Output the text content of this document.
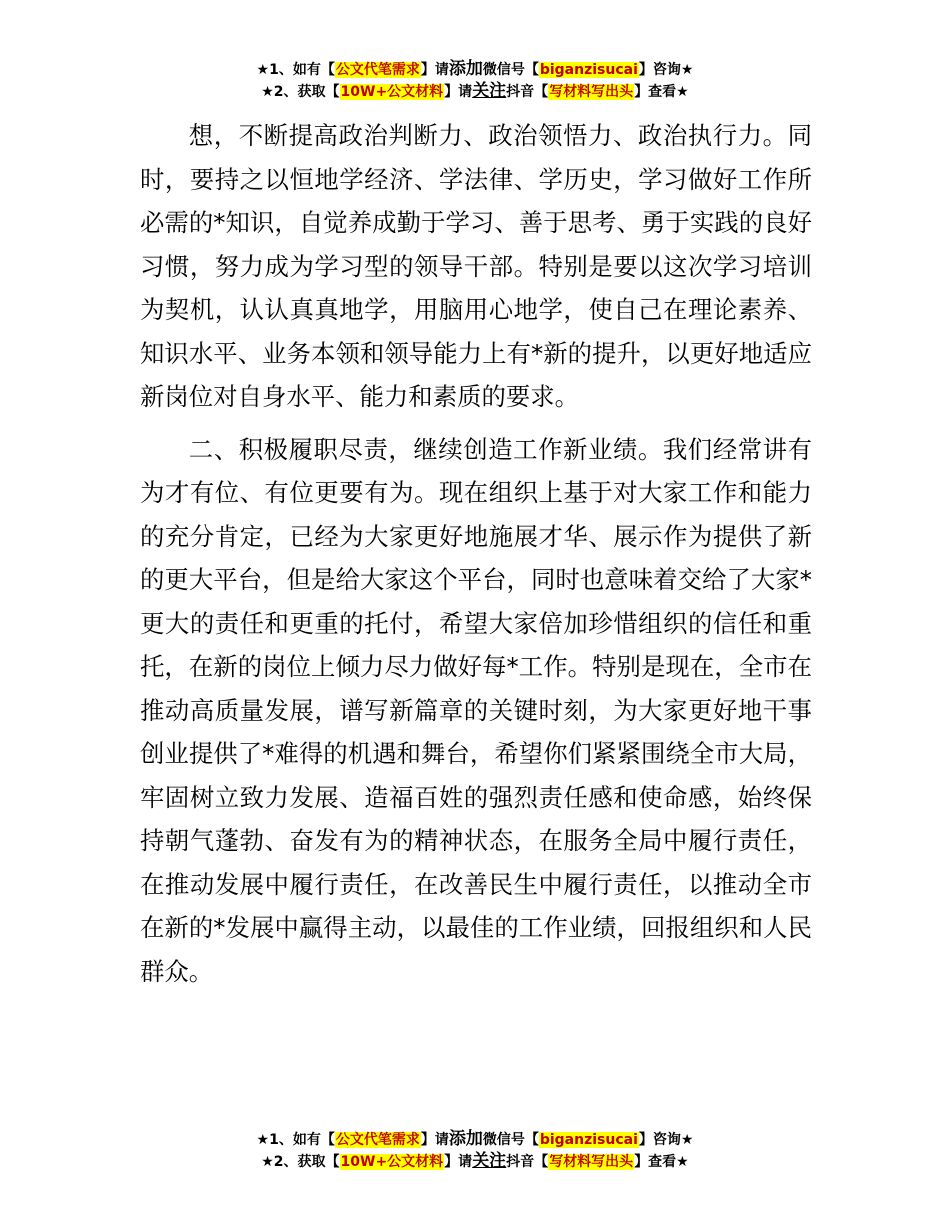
★1、如有【公文代笔需求】请添加微信号【biganzisucai】咨询★
★2、获取【10W+公文材料】请关注抖音【写材料写出头】查看★

想，不断提高政治判断力、政治领悟力、政治执行力。同时，要持之以恒地学经济、学法律、学历史，学习做好工作所必需的*知识，自觉养成勤于学习、善于思考、勇于实践的良好习惯，努力成为学习型的领导干部。特别是要以这次学习培训为契机，认认真真地学，用脑用心地学，使自己在理论素养、知识水平、业务本领和领导能力上有*新的提升，以更好地适应新岗位对自身水平、能力和素质的要求。

二、积极履职尽责，继续创造工作新业绩。我们经常讲有为才有位、有位更要有为。现在组织上基于对大家工作和能力的充分肯定，已经为大家更好地施展才华、展示作为提供了新的更大平台，但是给大家这个平台，同时也意味着交给了大家*更大的责任和更重的托付，希望大家倍加珍惜组织的信任和重托，在新的岗位上倾力尽力做好每*工作。特别是现在，全市在推动高质量发展，谱写新篇章的关键时刻，为大家更好地干事创业提供了*难得的机遇和舞台，希望你们紧紧围绕全市大局，牢固树立致力发展、造福百姓的强烈责任感和使命感，始终保持朝气蓬勃、奋发有为的精神状态，在服务全局中履行责任，在推动发展中履行责任，在改善民生中履行责任，以推动全市在新的*发展中赢得主动，以最佳的工作业绩，回报组织和人民群众。

★1、如有【公文代笔需求】请添加微信号【biganzisucai】咨询★
★2、获取【10W+公文材料】请关注抖音【写材料写出头】查看★
